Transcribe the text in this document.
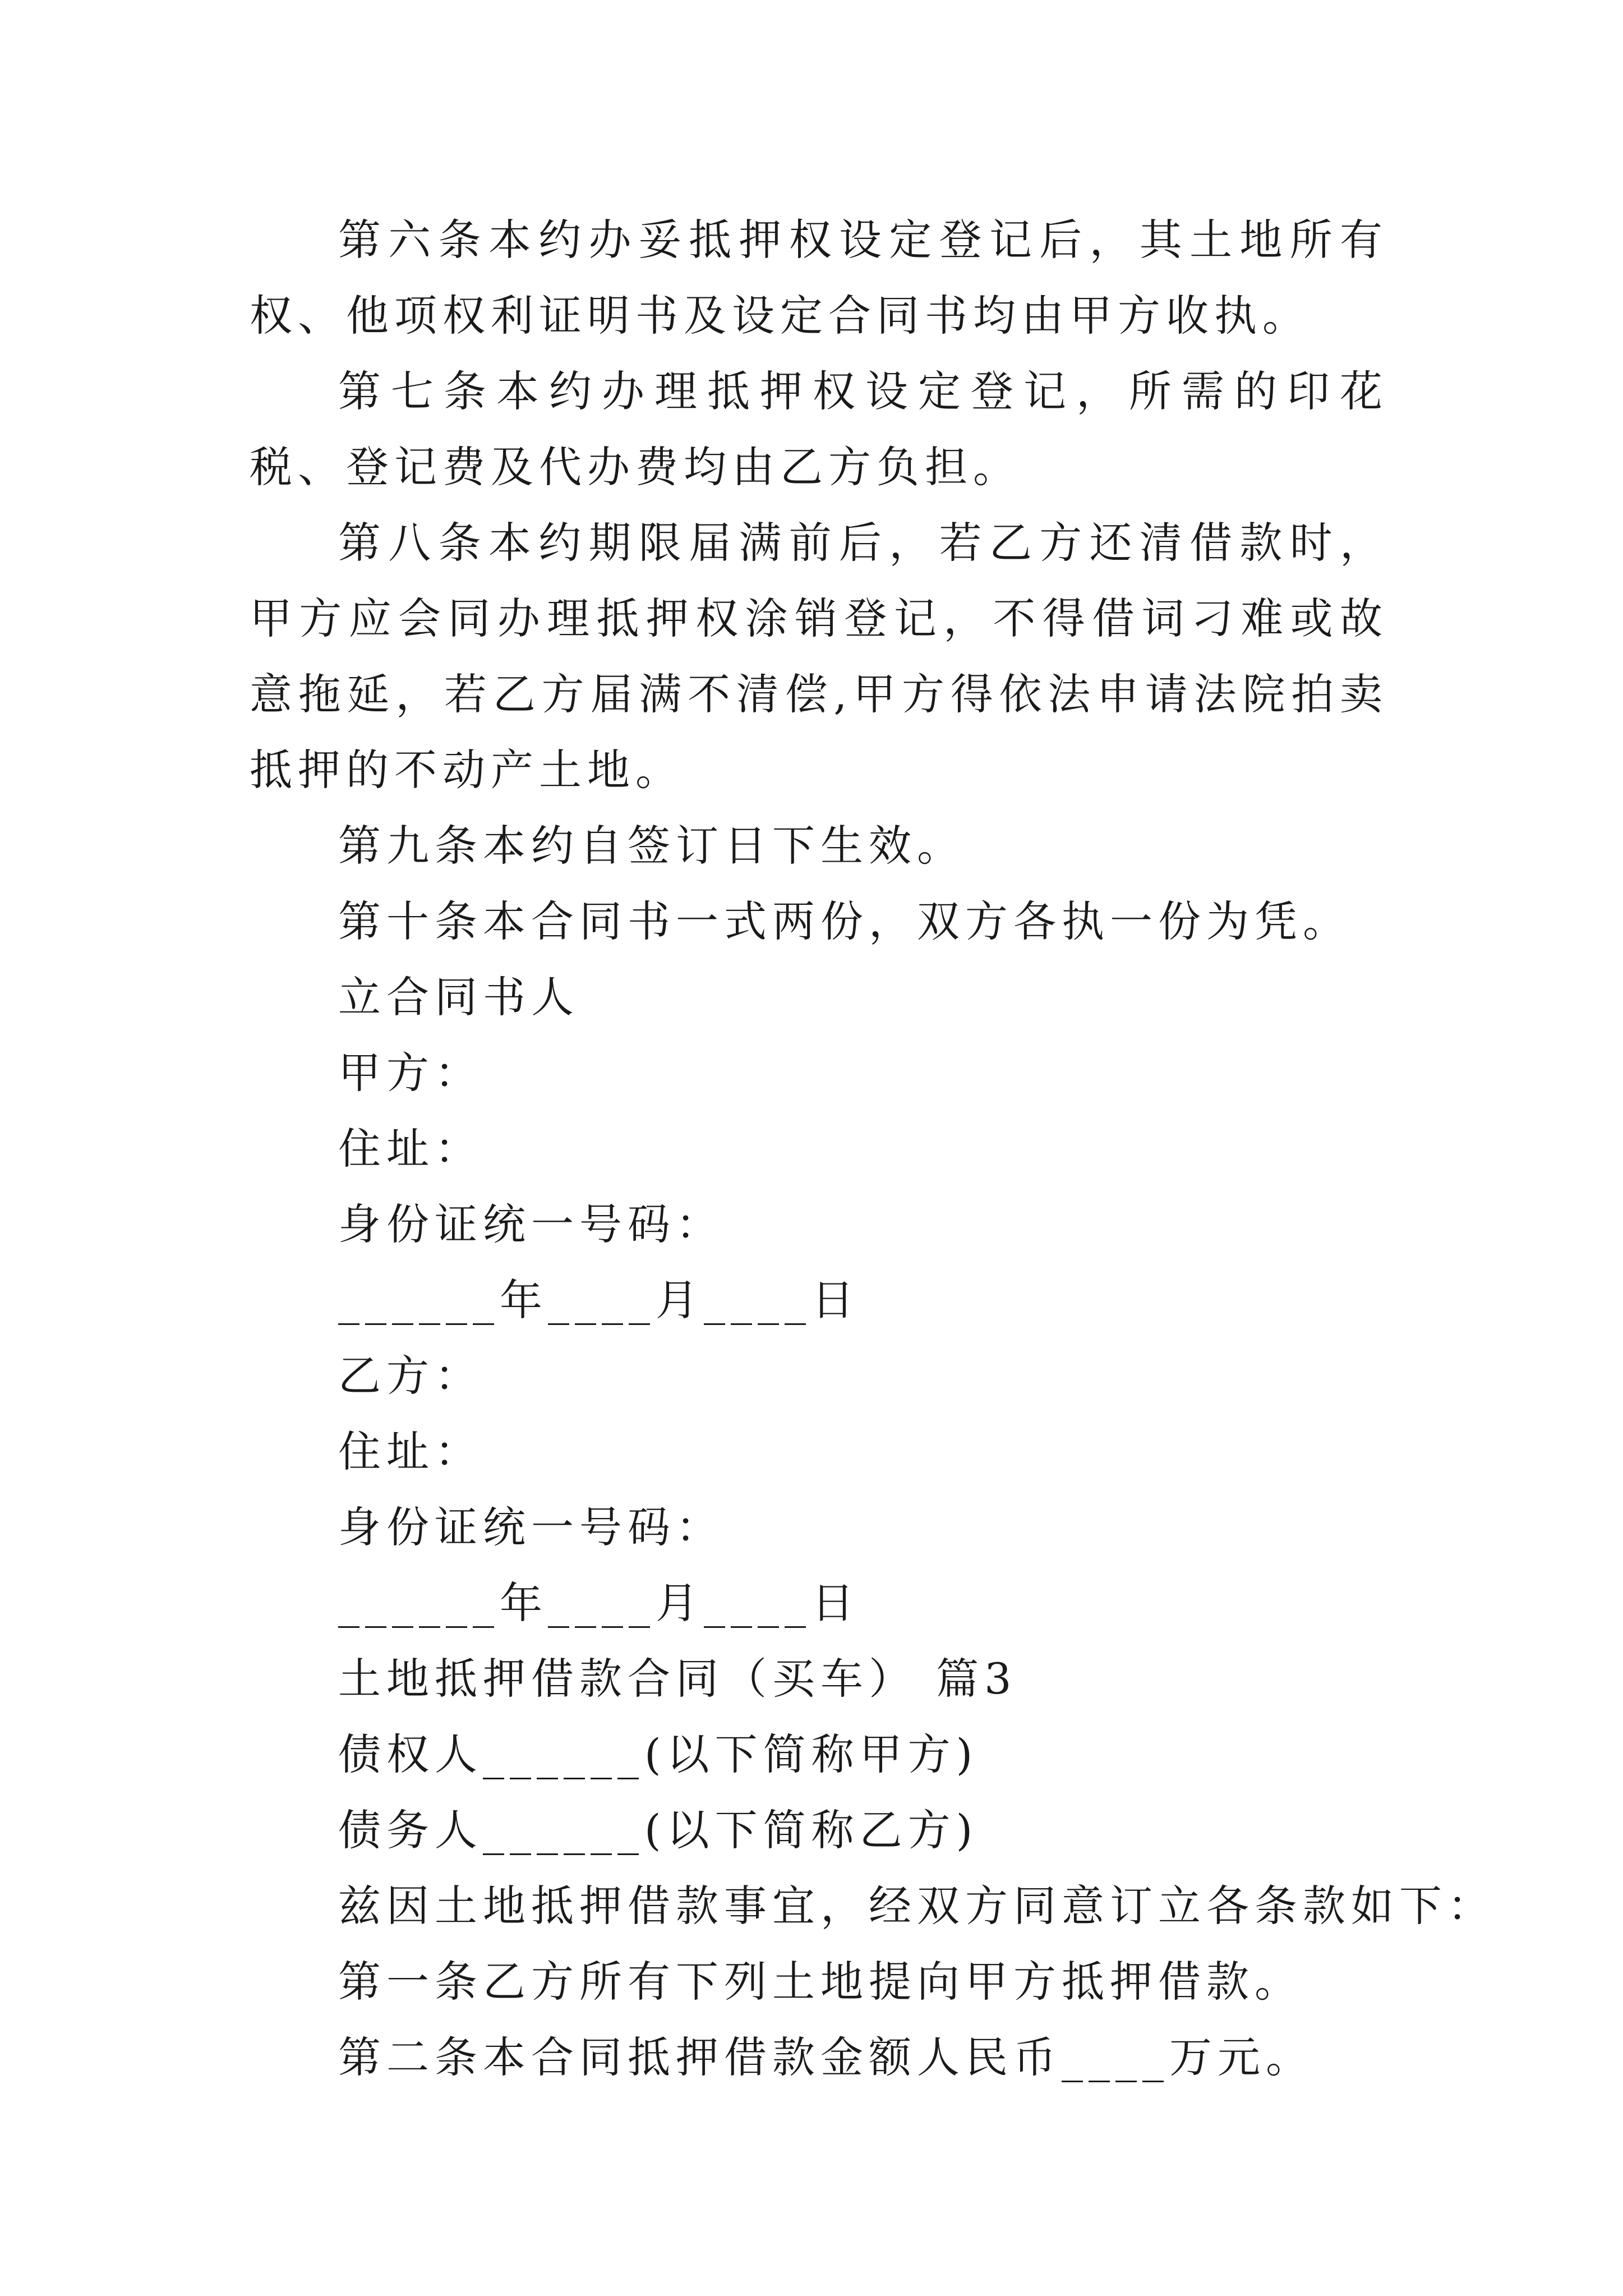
第六条本约办妥抵押权设定登记后，其土地所有权、他项权利证明书及设定合同书均由甲方收执。

第七条本约办理抵押权设定登记，所需的印花税、登记费及代办费均由乙方负担。

第八条本约期限届满前后，若乙方还清借款时，甲方应会同办理抵押权涂销登记，不得借词刁难或故意拖延，若乙方届满不清偿,甲方得依法申请法院拍卖抵押的不动产土地。

第九条本约自签订日下生效。

第十条本合同书一式两份，双方各执一份为凭。

立合同书人

甲方：

住址：

身份证统一号码：

______年____月____日

乙方：

住址：

身份证统一号码：

______年____月____日

土地抵押借款合同（买车） 篇3

债权人______(以下简称甲方)

债务人______(以下简称乙方)

兹因土地抵押借款事宜，经双方同意订立各条款如下：

第一条乙方所有下列土地提向甲方抵押借款。

第二条本合同抵押借款金额人民币____万元。
